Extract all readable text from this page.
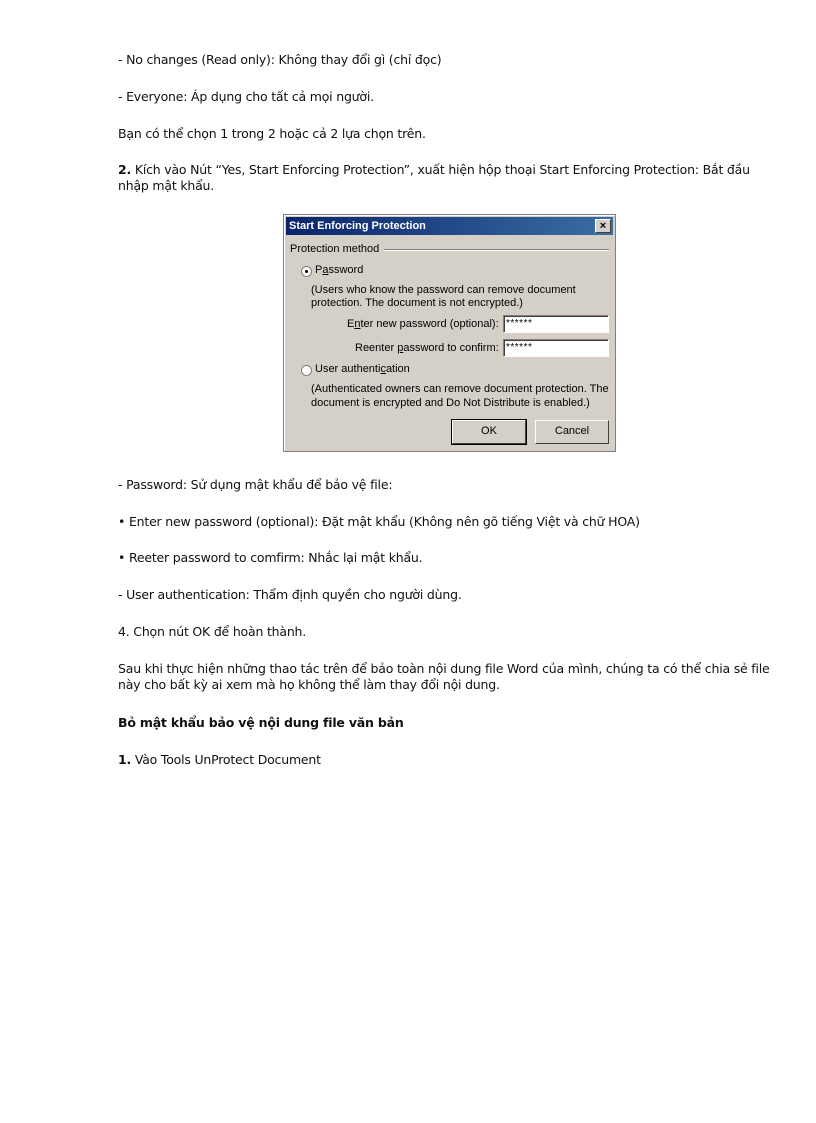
- No changes (Read only): Không thay đổi gì (chỉ đọc)

- Everyone: Áp dụng cho tất cả mọi người.

Bạn có thể chọn 1 trong 2 hoặc cả 2 lựa chọn trên.

2. Kích vào Nút “Yes, Start Enforcing Protection”, xuất hiện hộp thoại Start Enforcing Protection: Bắt đầu nhập mật khẩu.

Start Enforcing Protection	×
Protection method
Password
(Users who know the password can remove document
protection. The document is not encrypted.)
Enter new password (optional): ******
Reenter password to confirm: ******
User authentication
(Authenticated owners can remove document protection. The
document is encrypted and Do Not Distribute is enabled.)
OK	Cancel

- Password: Sử dụng mật khẩu để bảo vệ file:

• Enter new password (optional): Đặt mật khẩu (Không nên gõ tiếng Việt và chữ HOA)

• Reeter password to comfirm: Nhắc lại mật khẩu.

- User authentication: Thẩm định quyền cho người dùng.

4. Chọn nút OK để hoàn thành.

Sau khi thực hiện những thao tác trên để bảo toàn nội dung file Word của mình, chúng ta có thể chia sẻ file này cho bất kỳ ai xem mà họ không thể làm thay đổi nội dung.

Bỏ mật khẩu bảo vệ nội dung file văn bản

1. Vào Tools UnProtect Document
